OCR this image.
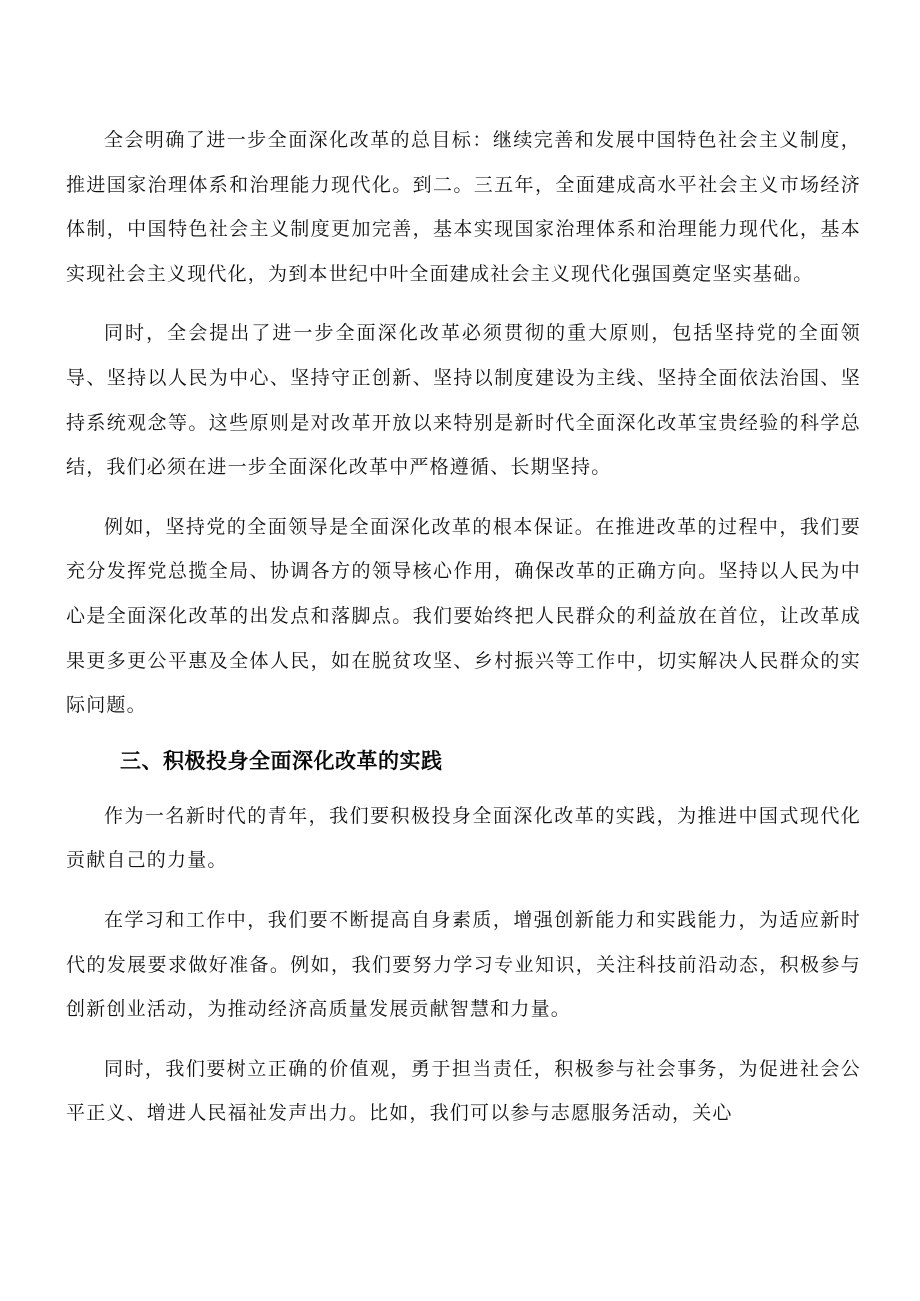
全会明确了进一步全面深化改革的总目标：继续完善和发展中国特色社会主义制度，推进国家治理体系和治理能力现代化。到二。三五年，全面建成高水平社会主义市场经济体制，中国特色社会主义制度更加完善，基本实现国家治理体系和治理能力现代化，基本实现社会主义现代化，为到本世纪中叶全面建成社会主义现代化强国奠定坚实基础。

同时，全会提出了进一步全面深化改革必须贯彻的重大原则，包括坚持党的全面领导、坚持以人民为中心、坚持守正创新、坚持以制度建设为主线、坚持全面依法治国、坚持系统观念等。这些原则是对改革开放以来特别是新时代全面深化改革宝贵经验的科学总结，我们必须在进一步全面深化改革中严格遵循、长期坚持。

例如，坚持党的全面领导是全面深化改革的根本保证。在推进改革的过程中，我们要充分发挥党总揽全局、协调各方的领导核心作用，确保改革的正确方向。坚持以人民为中心是全面深化改革的出发点和落脚点。我们要始终把人民群众的利益放在首位，让改革成果更多更公平惠及全体人民，如在脱贫攻坚、乡村振兴等工作中，切实解决人民群众的实际问题。

三、积极投身全面深化改革的实践

作为一名新时代的青年，我们要积极投身全面深化改革的实践，为推进中国式现代化贡献自己的力量。

在学习和工作中，我们要不断提高自身素质，增强创新能力和实践能力，为适应新时代的发展要求做好准备。例如，我们要努力学习专业知识，关注科技前沿动态，积极参与创新创业活动，为推动经济高质量发展贡献智慧和力量。

同时，我们要树立正确的价值观，勇于担当责任，积极参与社会事务，为促进社会公平正义、增进人民福祉发声出力。比如，我们可以参与志愿服务活动，关心
